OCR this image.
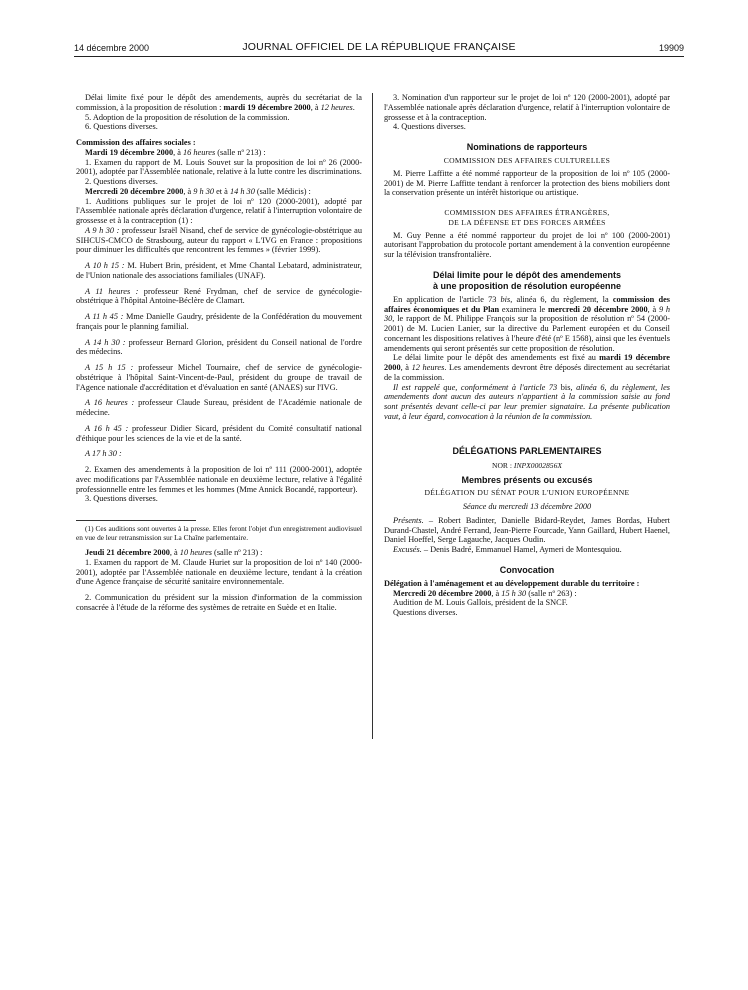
14 décembre 2000	JOURNAL OFFICIEL DE LA RÉPUBLIQUE FRANÇAISE	19909

Délai limite fixé pour le dépôt des amendements, auprès du secrétariat de la commission, à la proposition de résolution : mardi 19 décembre 2000, à 12 heures.

5. Adoption de la proposition de résolution de la commission.

6. Questions diverses.

Commission des affaires sociales :

Mardi 19 décembre 2000, à 16 heures (salle nº 213) :

1. Examen du rapport de M. Louis Souvet sur la proposition de loi nº 26 (2000-2001), adoptée par l'Assemblée nationale, relative à la lutte contre les discriminations.

2. Questions diverses.

Mercredi 20 décembre 2000, à 9 h 30 et à 14 h 30 (salle Médicis) :

1. Auditions publiques sur le projet de loi nº 120 (2000-2001), adopté par l'Assemblée nationale après déclaration d'urgence, relatif à l'interruption volontaire de grossesse et à la contraception (1) :

A 9 h 30 : professeur Israël Nisand, chef de service de gynécologie-obstétrique au SIHCUS-CMCO de Strasbourg, auteur du rapport « L'IVG en France : propositions pour diminuer les difficultés que rencontrent les femmes » (février 1999).

A 10 h 15 : M. Hubert Brin, président, et Mme Chantal Lebatard, administrateur, de l'Union nationale des associations familiales (UNAF).

A 11 heures : professeur René Frydman, chef de service de gynécologie-obstétrique à l'hôpital Antoine-Béclère de Clamart.

A 11 h 45 : Mme Danielle Gaudry, présidente de la Confédération du mouvement français pour le planning familial.

A 14 h 30 : professeur Bernard Glorion, président du Conseil national de l'ordre des médecins.

A 15 h 15 : professeur Michel Tournaire, chef de service de gynécologie-obstétrique à l'hôpital Saint-Vincent-de-Paul, président du groupe de travail de l'Agence nationale d'accréditation et d'évaluation en santé (ANAES) sur l'IVG.

A 16 heures : professeur Claude Sureau, président de l'Académie nationale de médecine.

A 16 h 45 : professeur Didier Sicard, président du Comité consultatif national d'éthique pour les sciences de la vie et de la santé.

A 17 h 30 :

2. Examen des amendements à la proposition de loi nº 111 (2000-2001), adoptée avec modifications par l'Assemblée nationale en deuxième lecture, relative à l'égalité professionnelle entre les femmes et les hommes (Mme Annick Bocandé, rapporteur).

3. Questions diverses.

(1) Ces auditions sont ouvertes à la presse. Elles feront l'objet d'un enregistrement audiovisuel en vue de leur retransmission sur La Chaîne parlementaire.

Jeudi 21 décembre 2000, à 10 heures (salle nº 213) :

1. Examen du rapport de M. Claude Huriet sur la proposition de loi nº 140 (2000-2001), adoptée par l'Assemblée nationale en deuxième lecture, tendant à la création d'une Agence française de sécurité sanitaire environnementale.

2. Communication du président sur la mission d'information de la commission consacrée à l'étude de la réforme des systèmes de retraite en Suède et en Italie.

3. Nomination d'un rapporteur sur le projet de loi nº 120 (2000-2001), adopté par l'Assemblée nationale après déclaration d'urgence, relatif à l'interruption volontaire de grossesse et à la contraception.

4. Questions diverses.

Nominations de rapporteurs

COMMISSION DES AFFAIRES CULTURELLES

M. Pierre Laffitte a été nommé rapporteur de la proposition de loi nº 105 (2000-2001) de M. Pierre Laffitte tendant à renforcer la protection des biens mobiliers dont la conservation présente un intérêt historique ou artistique.

COMMISSION DES AFFAIRES ÉTRANGÈRES,

DE LA DÉFENSE ET DES FORCES ARMÉES

M. Guy Penne a été nommé rapporteur du projet de loi nº 100 (2000-2001) autorisant l'approbation du protocole portant amendement à la convention européenne sur la télévision transfrontalière.

Délai limite pour le dépôt des amendements

à une proposition de résolution européenne

En application de l'article 73 bis, alinéa 6, du règlement, la commission des affaires économiques et du Plan examinera le mercredi 20 décembre 2000, à 9 h 30, le rapport de M. Philippe François sur la proposition de résolution nº 54 (2000-2001) de M. Lucien Lanier, sur la directive du Parlement européen et du Conseil concernant les dispositions relatives à l'heure d'été (nº E 1568), ainsi que les éventuels amendements qui seront présentés sur cette proposition de résolution.

Le délai limite pour le dépôt des amendements est fixé au mardi 19 décembre 2000, à 12 heures. Les amendements devront être déposés directement au secrétariat de la commission.

Il est rappelé que, conformément à l'article 73 bis, alinéa 6, du règlement, les amendements dont aucun des auteurs n'appartient à la commission saisie au fond sont présentés devant celle-ci par leur premier signataire. La présente publication vaut, à leur égard, convocation à la réunion de la commission.

DÉLÉGATIONS PARLEMENTAIRES

NOR : INPX0002856X

Membres présents ou excusés

DÉLÉGATION DU SÉNAT POUR L'UNION EUROPÉENNE

Séance du mercredi 13 décembre 2000

Présents. – Robert Badinter, Danielle Bidard-Reydet, James Bordas, Hubert Durand-Chastel, André Ferrand, Jean-Pierre Fourcade, Yann Gaillard, Hubert Haenel, Daniel Hoeffel, Serge Lagauche, Jacques Oudin.

Excusés. – Denis Badré, Emmanuel Hamel, Aymeri de Montesquiou.

Convocation

Délégation à l'aménagement et au développement durable du territoire :

Mercredi 20 décembre 2000, à 15 h 30 (salle nº 263) :

Audition de M. Louis Gallois, président de la SNCF.

Questions diverses.
